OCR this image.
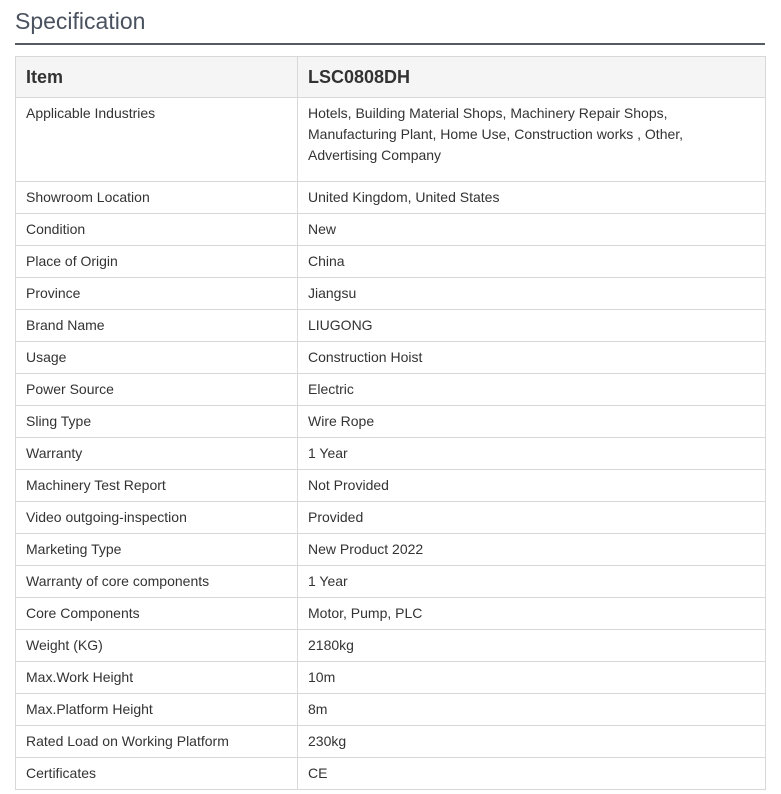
Specification
Item	LSC0808DH
Applicable Industries	Hotels, Building Material Shops, Machinery Repair Shops, Manufacturing Plant, Home Use, Construction works , Other, Advertising Company
Showroom Location	United Kingdom, United States
Condition	New
Place of Origin	China
Province	Jiangsu
Brand Name	LIUGONG
Usage	Construction Hoist
Power Source	Electric
Sling Type	Wire Rope
Warranty	1 Year
Machinery Test Report	Not Provided
Video outgoing-inspection	Provided
Marketing Type	New Product 2022
Warranty of core components	1 Year
Core Components	Motor, Pump, PLC
Weight (KG)	2180kg
Max.Work Height	10m
Max.Platform Height	8m
Rated Load on Working Platform	230kg
Certificates	CE
